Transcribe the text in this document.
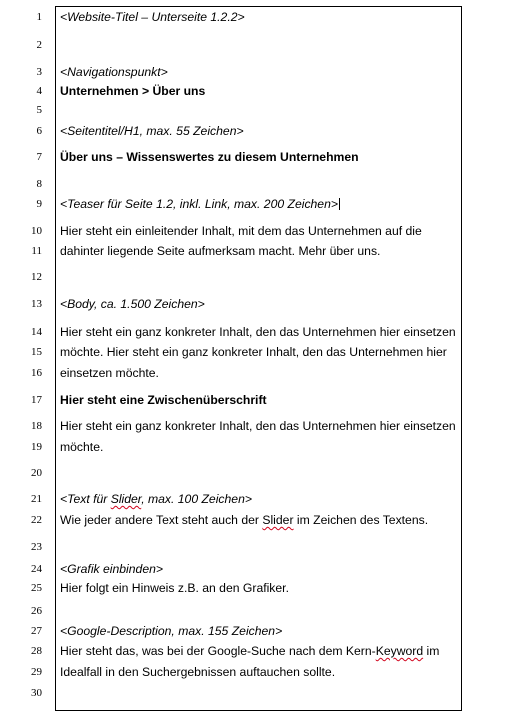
1 <Website-Titel – Unterseite 1.2.2>
2
3 <Navigationspunkt>
4 Unternehmen > Über uns
5
6 <Seitentitel/H1, max. 55 Zeichen>
7 Über uns – Wissenswertes zu diesem Unternehmen
8
9 <Teaser für Seite 1.2, inkl. Link, max. 200 Zeichen>
10 Hier steht ein einleitender Inhalt, mit dem das Unternehmen auf die
11 dahinter liegende Seite aufmerksam macht. Mehr über uns.
12
13 <Body, ca. 1.500 Zeichen>
14 Hier steht ein ganz konkreter Inhalt, den das Unternehmen hier einsetzen
15 möchte. Hier steht ein ganz konkreter Inhalt, den das Unternehmen hier
16 einsetzen möchte.
17 Hier steht eine Zwischenüberschrift
18 Hier steht ein ganz konkreter Inhalt, den das Unternehmen hier einsetzen
19 möchte.
20
21 <Text für Slider, max. 100 Zeichen>
22 Wie jeder andere Text steht auch der Slider im Zeichen des Textens.
23
24 <Grafik einbinden>
25 Hier folgt ein Hinweis z.B. an den Grafiker.
26
27 <Google-Description, max. 155 Zeichen>
28 Hier steht das, was bei der Google-Suche nach dem Kern-Keyword im
29 Idealfall in den Suchergebnissen auftauchen sollte.
30
